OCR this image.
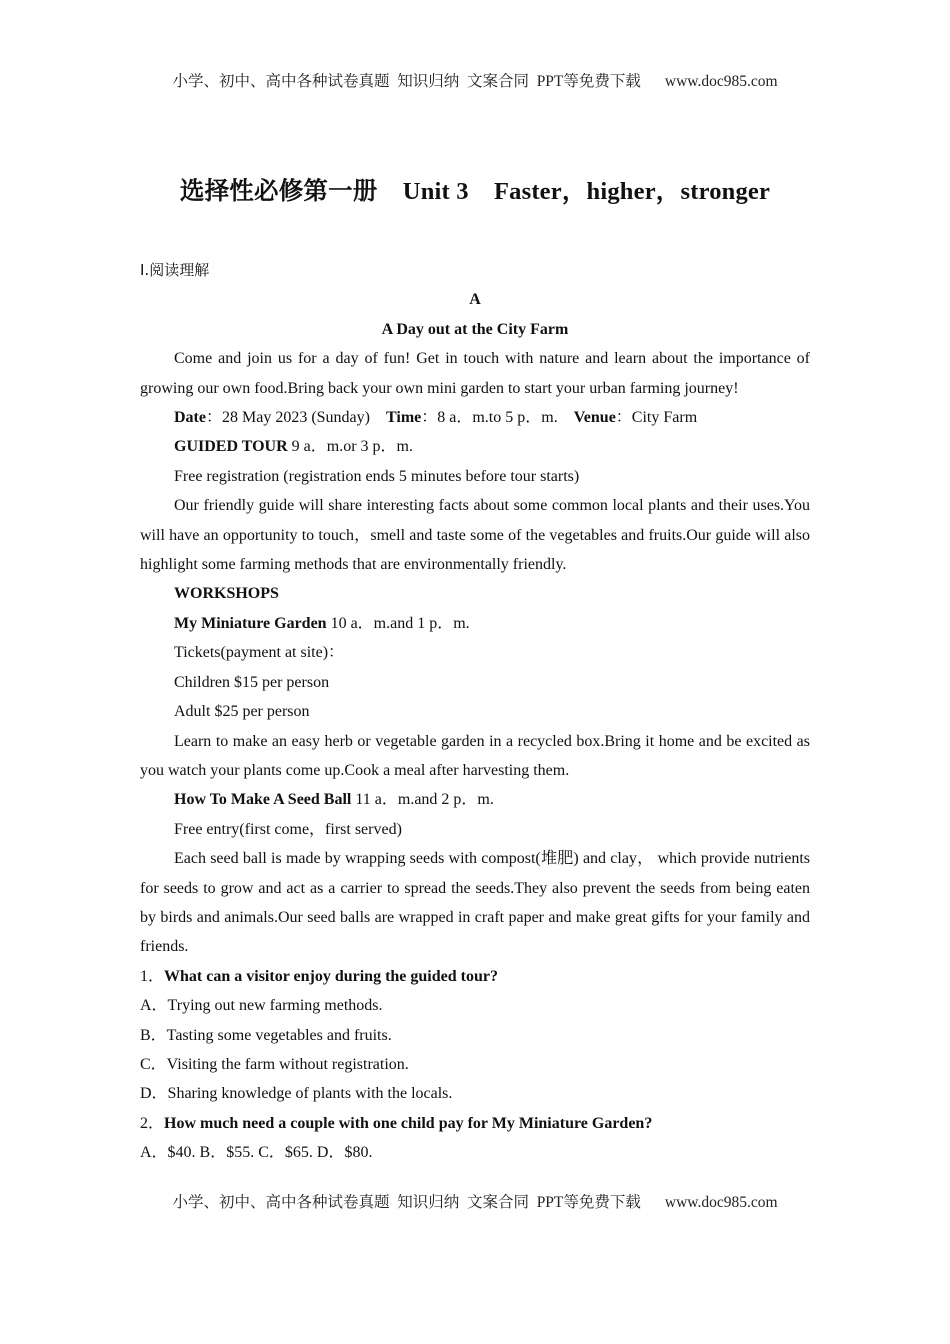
小学、初中、高中各种试卷真题  知识归纳  文案合同  PPT等免费下载 www.doc985.com
选择性必修第一册    Unit 3    Faster，higher，stronger

Ⅰ.阅读理解

A

A Day out at the City Farm

Come and join us for a day of fun! Get in touch with nature and learn about the importance of growing our own food.Bring back your own mini garden to start your urban farming journey!

Date：28 May 2023 (Sunday) Time：8 a．m.to 5 p．m. Venue：City Farm

GUIDED TOUR 9 a．m.or 3 p．m.

Free registration (registration ends 5 minutes before tour starts)

Our friendly guide will share interesting facts about some common local plants and their uses.You will have an opportunity to touch，smell and taste some of the vegetables and fruits.Our guide will also highlight some farming methods that are environmentally friendly.

WORKSHOPS

My Miniature Garden 10 a．m.and 1 p．m.

Tickets(payment at site)：

Children $15 per person

Adult $25 per person

Learn to make an easy herb or vegetable garden in a recycled box.Bring it home and be excited as you watch your plants come up.Cook a meal after harvesting them.

How To Make A Seed Ball 11 a．m.and 2 p．m.

Free entry(first come，first served)

Each seed ball is made by wrapping seeds with compost(堆肥) and clay， which provide nutrients for seeds to grow and act as a carrier to spread the seeds.They also prevent the seeds from being eaten by birds and animals.Our seed balls are wrapped in craft paper and make great gifts for your family and friends.

1．What can a visitor enjoy during the guided tour?

A．Trying out new farming methods.

B．Tasting some vegetables and fruits.

C．Visiting the farm without registration.

D．Sharing knowledge of plants with the locals.

2．How much need a couple with one child pay for My Miniature Garden?

A．$40. B．$55. C．$65. D．$80.

小学、初中、高中各种试卷真题  知识归纳  文案合同  PPT等免费下载 www.doc985.com
